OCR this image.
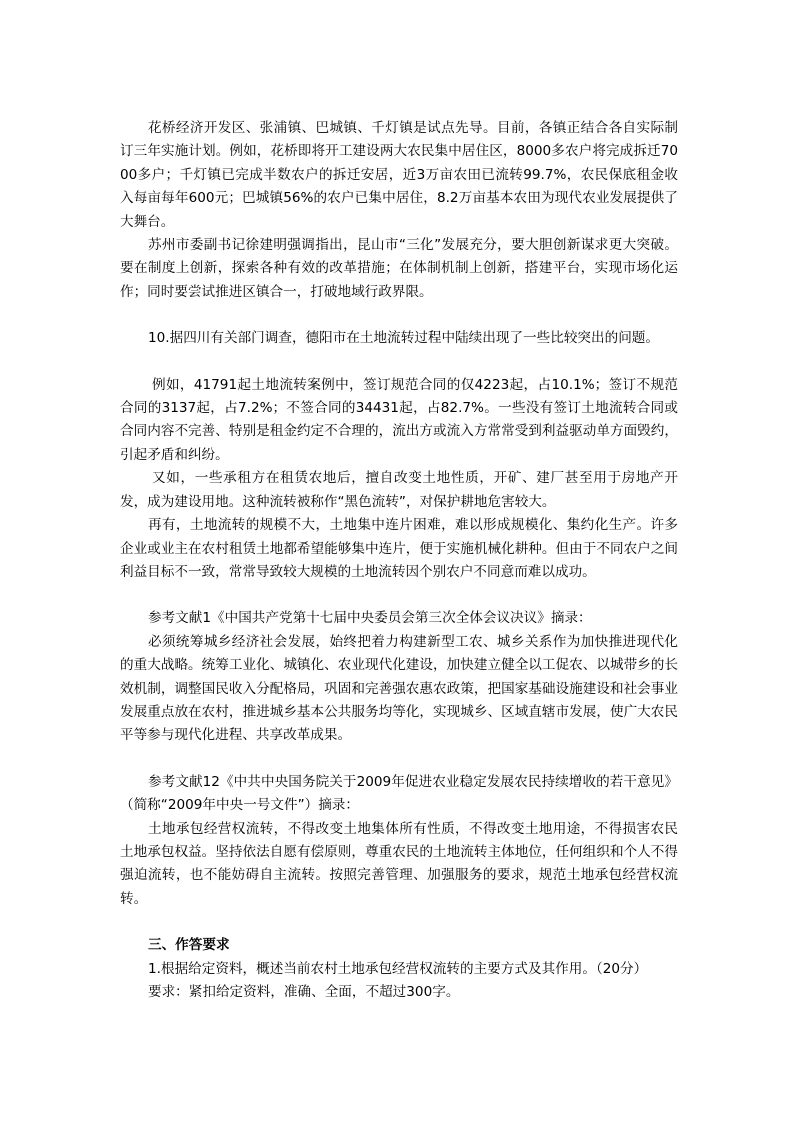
花桥经济开发区、张浦镇、巴城镇、千灯镇是试点先导。目前，各镇正结合各自实际制订三年实施计划。例如，花桥即将开工建设两大农民集中居住区，8000多农户将完成拆迁7000多户；千灯镇已完成半数农户的拆迁安居，近3万亩农田已流转99.7%，农民保底租金收入每亩每年600元；巴城镇56%的农户已集中居住，8.2万亩基本农田为现代农业发展提供了大舞台。

苏州市委副书记徐建明强调指出，昆山市“三化”发展充分，要大胆创新谋求更大突破。要在制度上创新，探索各种有效的改革措施；在体制机制上创新，搭建平台，实现市场化运作；同时要尝试推进区镇合一，打破地域行政界限。

10.据四川有关部门调查，德阳市在土地流转过程中陆续出现了一些比较突出的问题。

例如，41791起土地流转案例中，签订规范合同的仅4223起，占10.1%；签订不规范合同的3137起，占7.2%；不签合同的34431起，占82.7%。一些没有签订土地流转合同或合同内容不完善、特别是租金约定不合理的，流出方或流入方常常受到利益驱动单方面毁约，引起矛盾和纠纷。

又如，一些承租方在租赁农地后，擅自改变土地性质，开矿、建厂甚至用于房地产开发，成为建设用地。这种流转被称作“黑色流转”，对保护耕地危害较大。

再有，土地流转的规模不大，土地集中连片困难，难以形成规模化、集约化生产。许多企业或业主在农村租赁土地都希望能够集中连片，便于实施机械化耕种。但由于不同农户之间利益目标不一致，常常导致较大规模的土地流转因个别农户不同意而难以成功。

参考文献1《中国共产党第十七届中央委员会第三次全体会议决议》摘录：

必须统筹城乡经济社会发展，始终把着力构建新型工农、城乡关系作为加快推进现代化的重大战略。统筹工业化、城镇化、农业现代化建设，加快建立健全以工促农、以城带乡的长效机制，调整国民收入分配格局，巩固和完善强农惠农政策，把国家基础设施建设和社会事业发展重点放在农村，推进城乡基本公共服务均等化，实现城乡、区域直辖市发展，使广大农民平等参与现代化进程、共享改革成果。

参考文献12《中共中央国务院关于2009年促进农业稳定发展农民持续增收的若干意见》（简称“2009年中央一号文件”）摘录：

土地承包经营权流转，不得改变土地集体所有性质，不得改变土地用途，不得损害农民土地承包权益。坚持依法自愿有偿原则，尊重农民的土地流转主体地位，任何组织和个人不得强迫流转，也不能妨碍自主流转。按照完善管理、加强服务的要求，规范土地承包经营权流转。

三、作答要求

1.根据给定资料，概述当前农村土地承包经营权流转的主要方式及其作用。（20分）

要求：紧扣给定资料，准确、全面，不超过300字。
